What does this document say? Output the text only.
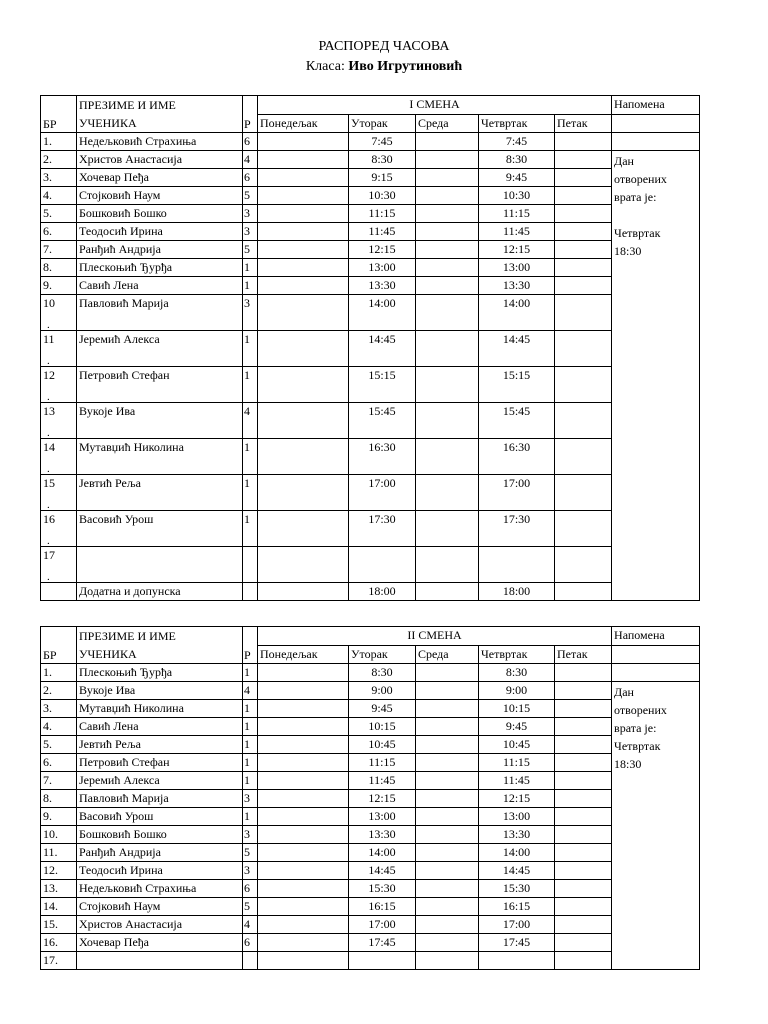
РАСПОРЕД ЧАСОВА
Класа: Иво Игрутиновић
БР	ПРЕЗИМЕ И ИМЕ
УЧЕНИКА	Р	I СМЕНА					Напомена
			Понедељак	Уторак	Среда	Четвртак	Петак	
1.	Недељковић Страхиња	6		7:45		7:45		
2.	Христов Анастасија	4		8:30		8:30		Дан
отворених
врата је:
Четвртак
18:30

3.	Хочевар Пеђа	6		9:15		9:45		
4.	Стојковић Наум	5		10:30		10:30		
5.	Бошковић Бошко	3		11:15		11:15		
6.	Теодосић Ирина	3		11:45		11:45		
7.	Ранђић Андрија	5		12:15		12:15		
8.	Плескоњић Ђурђа	1		13:00		13:00		
9.	Савић Лена	1		13:30		13:30		
10
.	Павловић Марија	3		14:00		14:00		
11
.	Јеремић Алекса	1		14:45		14:45		
12
.	Петровић Стефан	1		15:15		15:15		
13
.	Вукоје Ива	4		15:45		15:45		
14
.	Мутавџић Николина	1		16:30		16:30		
15
.	Јевтић Реља	1		17:00		17:00		
16
.	Васовић Урош	1		17:30		17:30		
17
.								

	Додатна и допунска			18:00		18:00		
БР	ПРЕЗИМЕ И ИМЕ
УЧЕНИКА	Р	II СМЕНА					Напомена
			Понедељак	Уторак	Среда	Четвртак	Петак	
1.	Плескоњић Ђурђа	1		8:30		8:30		
2.	Вукоје Ива	4		9:00		9:00		Дан
отворених
врата је:
Четвртак
18:30

3.	Мутавџић Николина	1		9:45		10:15		
4.	Савић Лена	1		10:15		9:45		
5.	Јевтић Реља	1		10:45		10:45		
6.	Петровић Стефан	1		11:15		11:15		
7.	Јеремић Алекса	1		11:45		11:45		
8.	Павловић Марија	3		12:15		12:15		
9.	Васовић Урош	1		13:00		13:00		
10.	Бошковић Бошко	3		13:30		13:30		
11.	Ранђић Андрија	5		14:00		14:00		
12.	Теодосић Ирина	3		14:45		14:45		
13.	Недељковић Страхиња	6		15:30		15:30		
14.	Стојковић Наум	5		16:15		16:15		
15.	Христов Анастасија	4		17:00		17:00		
16.	Хочевар Пеђа	6		17:45		17:45		
17.								
